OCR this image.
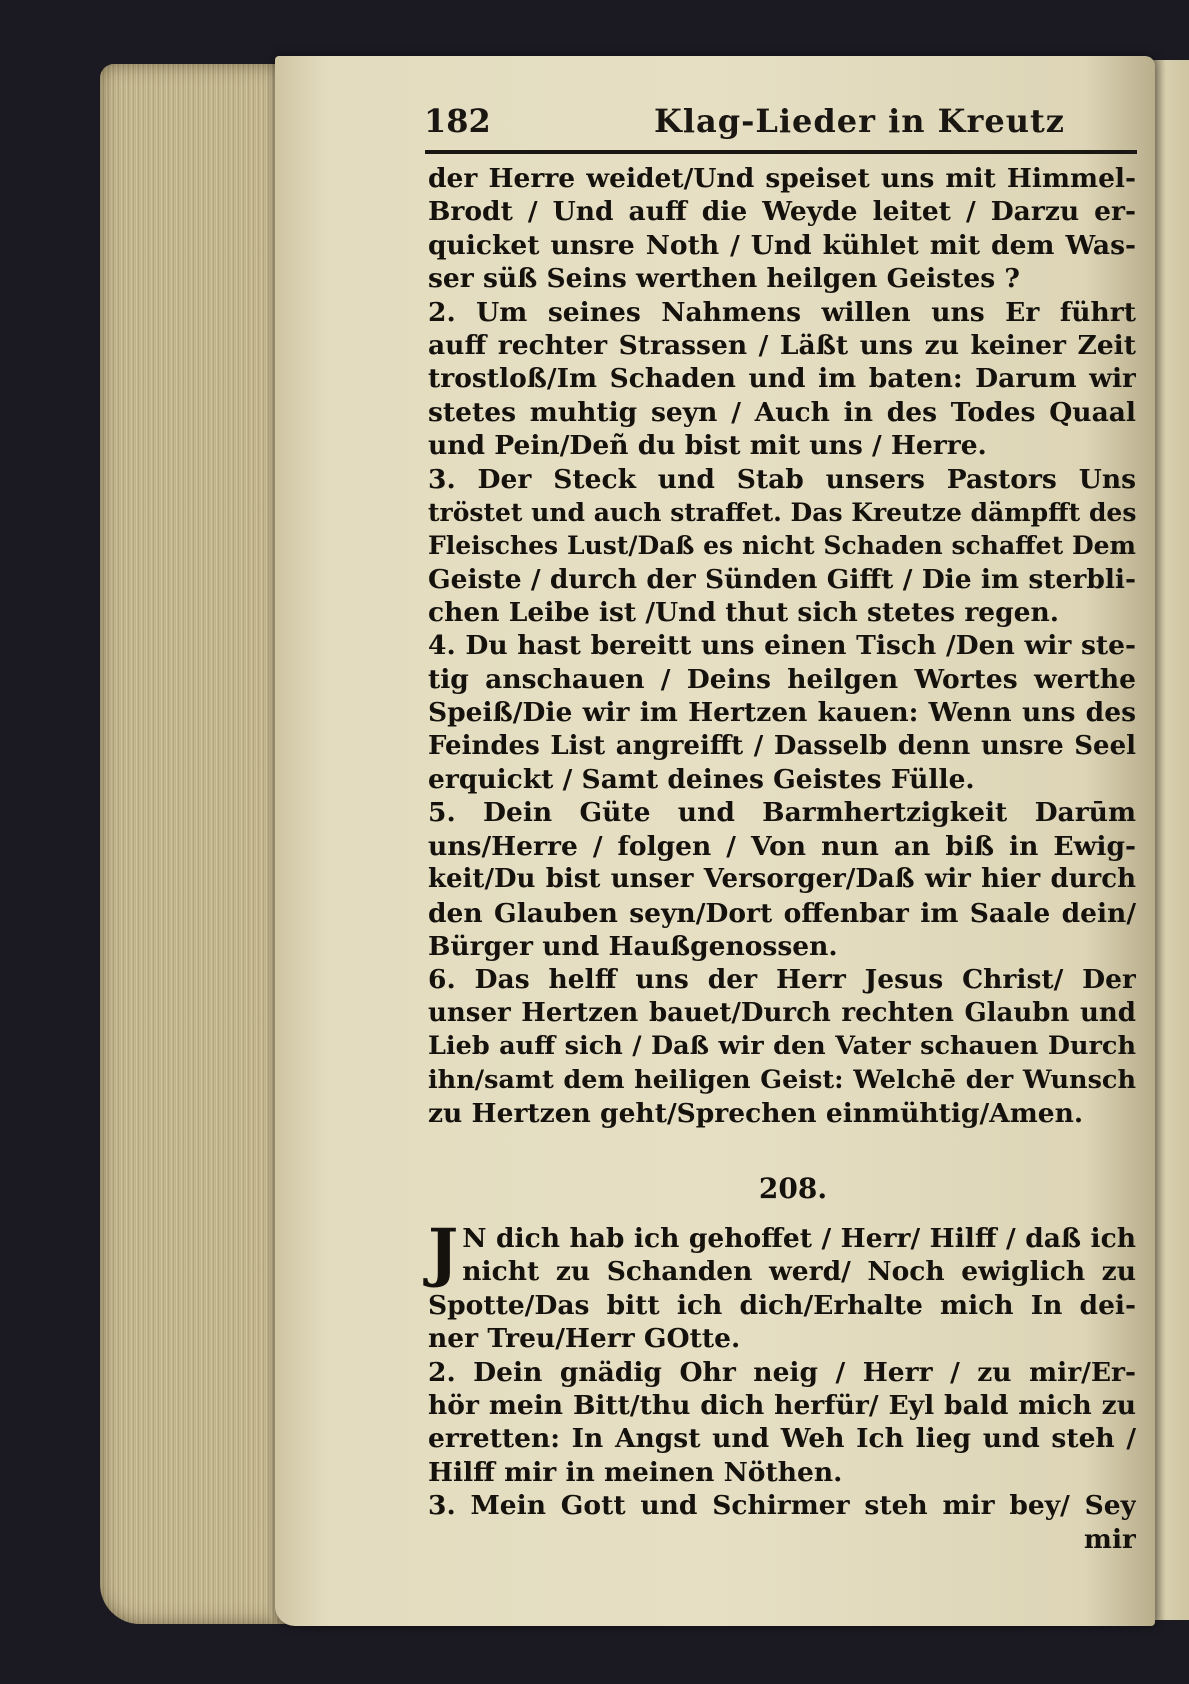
182	Klag-Lieder in Kreutz
der Herre weidet/Und speiset uns mit Himmel-
Brodt / Und auff die Weyde leitet / Darzu er-
quicket unsre Noth / Und kühlet mit dem Was-
ser süß Seins werthen heilgen Geistes ?
2. Um seines Nahmens willen uns Er führt
auff rechter Strassen / Läßt uns zu keiner Zeit
trostloß/Im Schaden und im baten: Darum wir
stetes muhtig seyn / Auch in des Todes Quaal
und Pein/Deñ du bist mit uns / Herre.
3. Der Steck und Stab unsers Pastors Uns
tröstet und auch straffet. Das Kreutze dämpfft des
Fleisches Lust/Daß es nicht Schaden schaffet Dem
Geiste / durch der Sünden Gifft / Die im sterbli-
chen Leibe ist /Und thut sich stetes regen.
4. Du hast bereitt uns einen Tisch /Den wir ste-
tig anschauen / Deins heilgen Wortes werthe
Speiß/Die wir im Hertzen kauen: Wenn uns des
Feindes List angreifft / Dasselb denn unsre Seel
erquickt / Samt deines Geistes Fülle.
5. Dein Güte und Barmhertzigkeit Darūm
uns/Herre / folgen / Von nun an biß in Ewig-
keit/Du bist unser Versorger/Daß wir hier durch
den Glauben seyn/Dort offenbar im Saale dein/
Bürger und Haußgenossen.
6. Das helff uns der Herr Jesus Christ/ Der
unser Hertzen bauet/Durch rechten Glaubn und
Lieb auff sich / Daß wir den Vater schauen Durch
ihn/samt dem heiligen Geist: Welchē der Wunsch
zu Hertzen geht/Sprechen einmühtig/Amen.
208.
J N dich hab ich gehoffet / Herr/ Hilff / daß ich
nicht zu Schanden werd/ Noch ewiglich zu
Spotte/Das bitt ich dich/Erhalte mich In dei-
ner Treu/Herr GOtte.
2. Dein gnädig Ohr neig / Herr / zu mir/Er-
hör mein Bitt/thu dich herfür/ Eyl bald mich zu
erretten: In Angst und Weh Ich lieg und steh /
Hilff mir in meinen Nöthen.
3. Mein Gott und Schirmer steh mir bey/ Sey
mir
